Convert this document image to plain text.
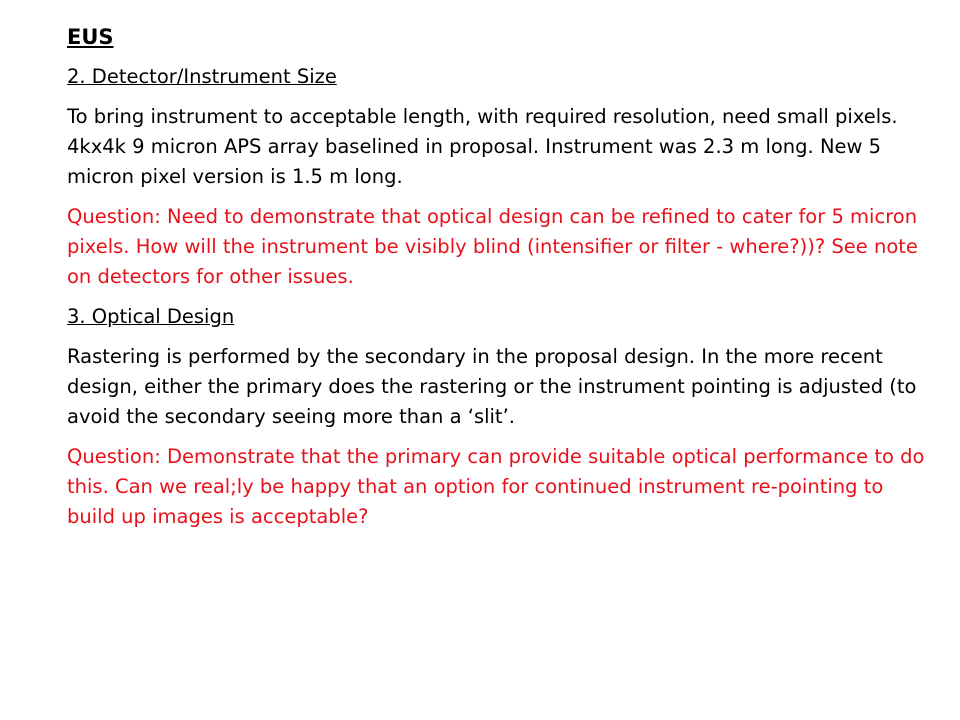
EUS
2. Detector/Instrument Size
To bring instrument to acceptable length, with required resolution, need small pixels. 4kx4k 9 micron APS array baselined in proposal. Instrument was 2.3 m long. New 5 micron pixel version is 1.5 m long.
Question: Need to demonstrate that optical design can be refined to cater for 5 micron pixels. How will the instrument be visibly blind (intensifier or filter - where?))? See note on detectors for other issues.
3. Optical Design
Rastering is performed by the secondary in the proposal design. In the more recent design, either the primary does the rastering or the instrument pointing is adjusted (to avoid the secondary seeing more than a ‘slit’.
Question: Demonstrate that the primary can provide suitable optical performance to do this. Can we real;ly be happy that an option for continued instrument re-pointing to build up images is acceptable?
